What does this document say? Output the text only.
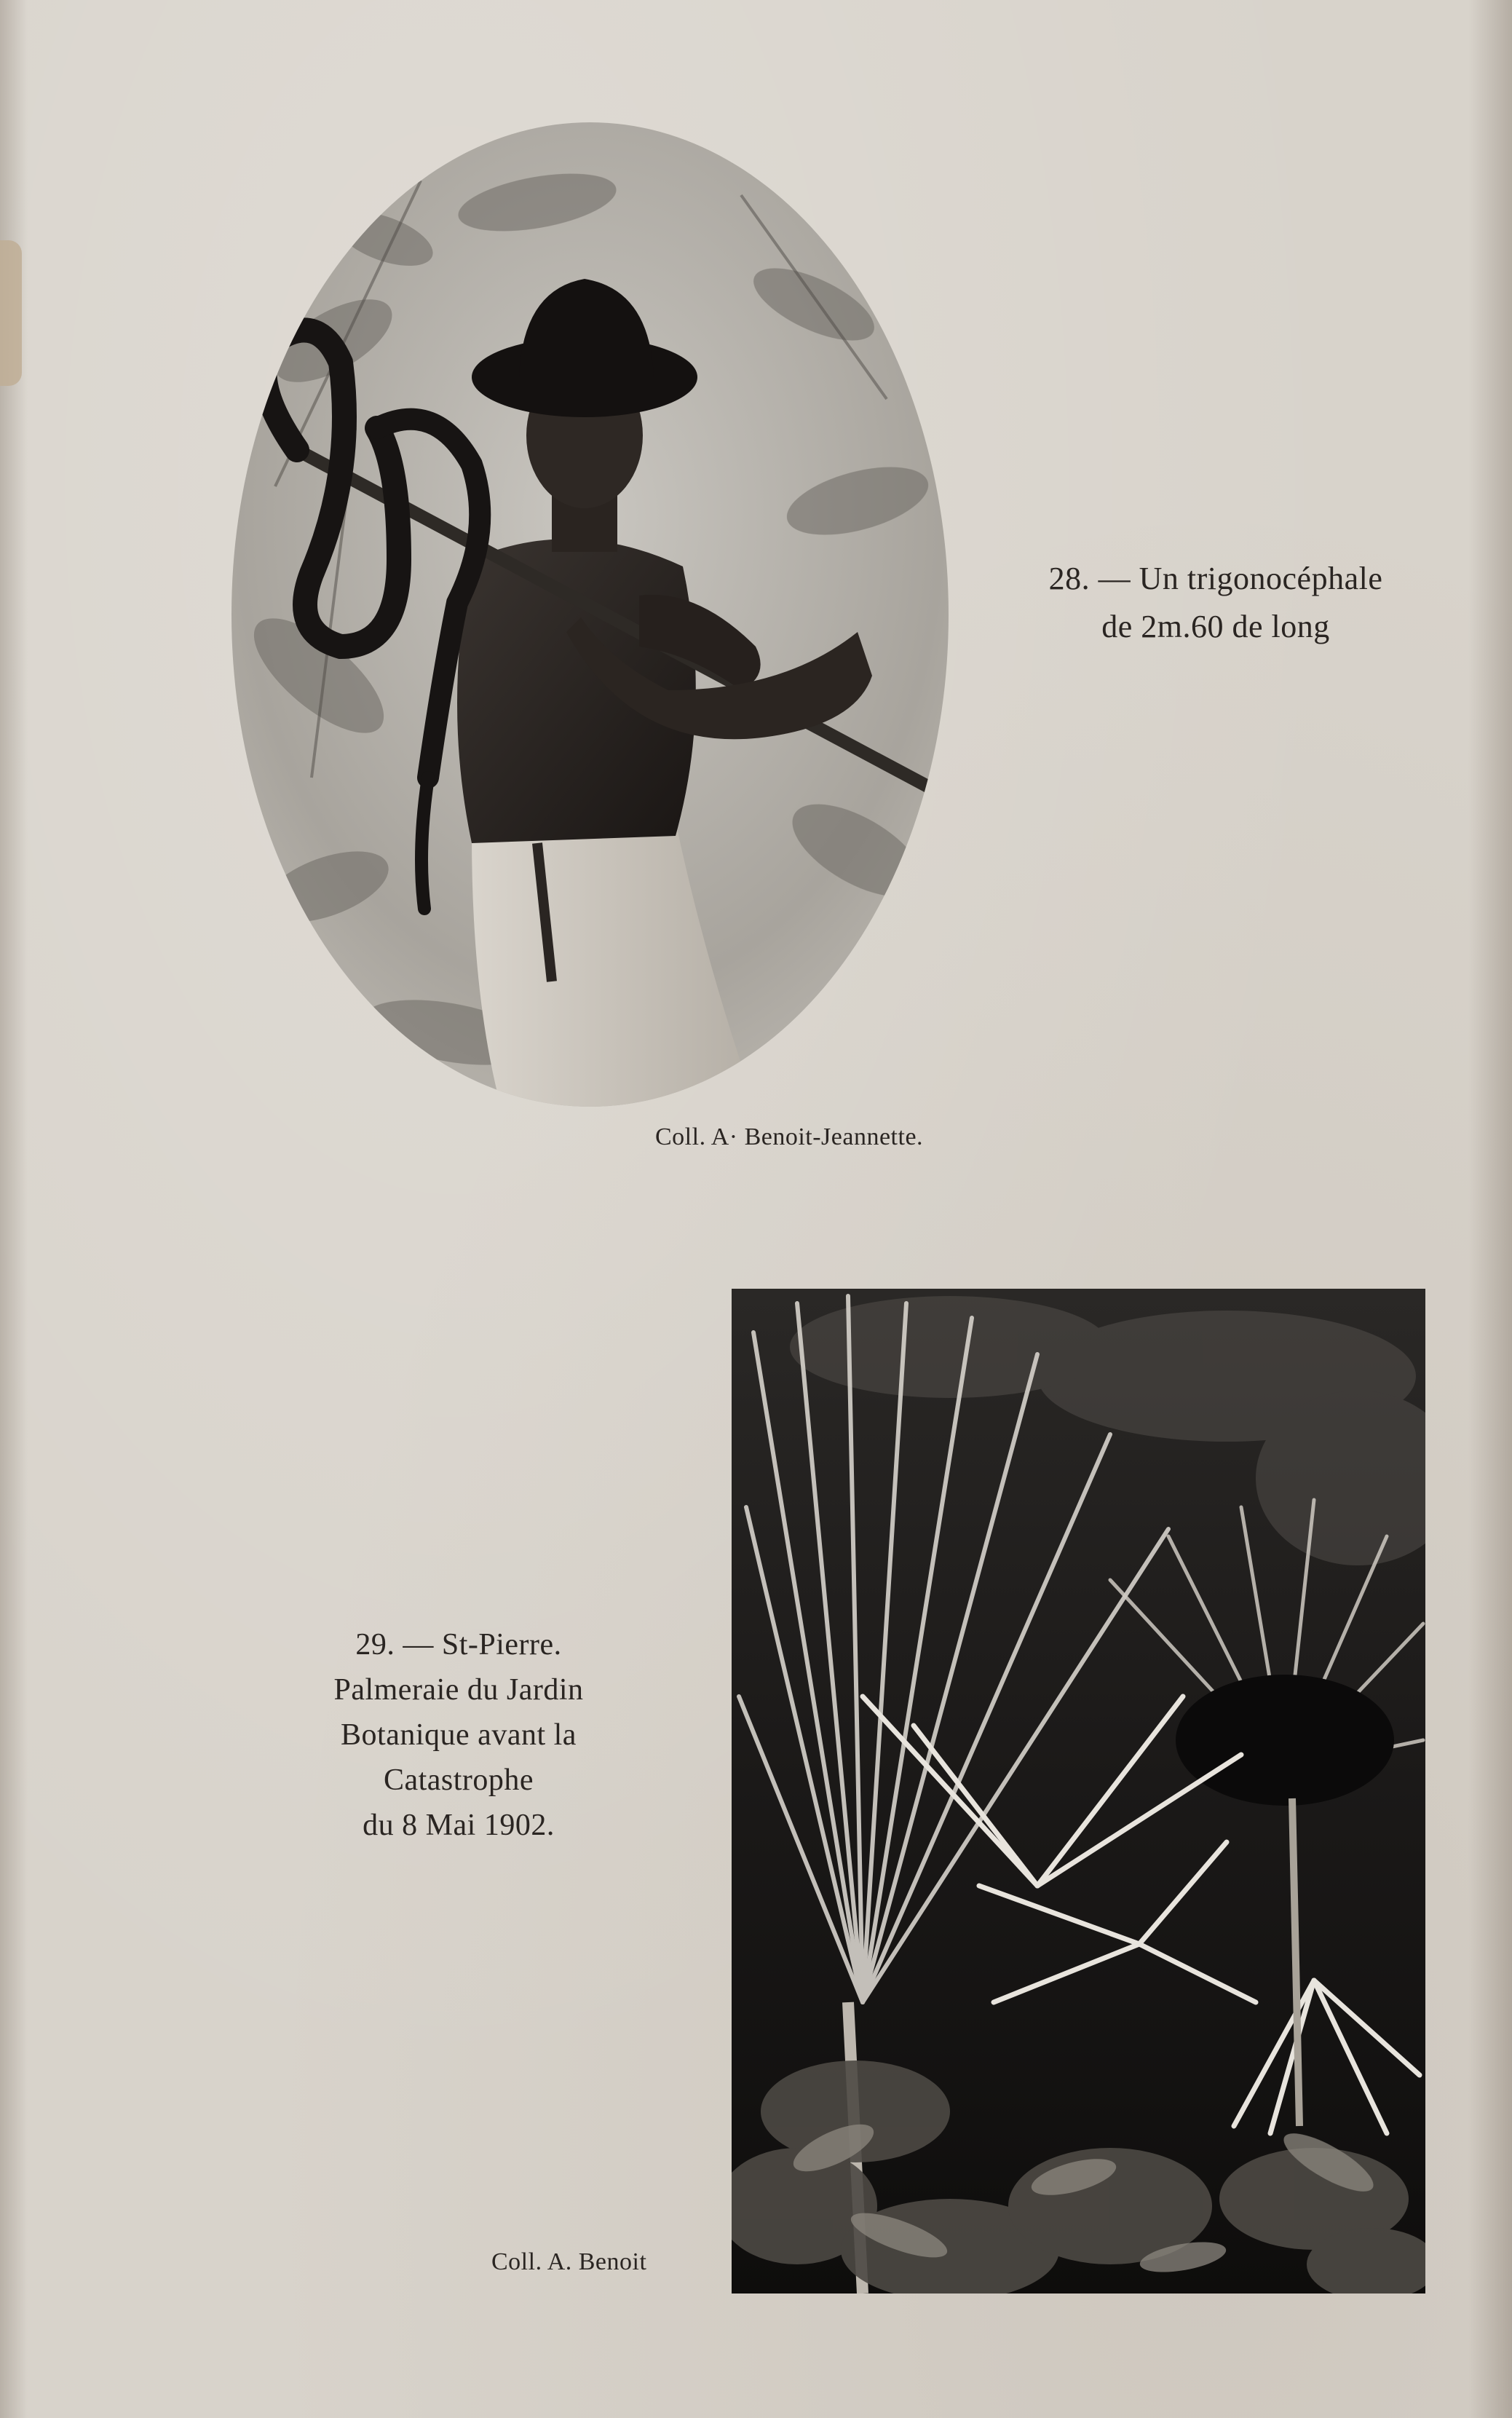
28. — Un trigonocéphale
de 2m.60 de long
Coll. A· Benoit-Jeannette.
29. — St-Pierre.
Palmeraie du Jardin
Botanique avant la
Catastrophe
du 8 Mai 1902.
Coll. A. Benoit
